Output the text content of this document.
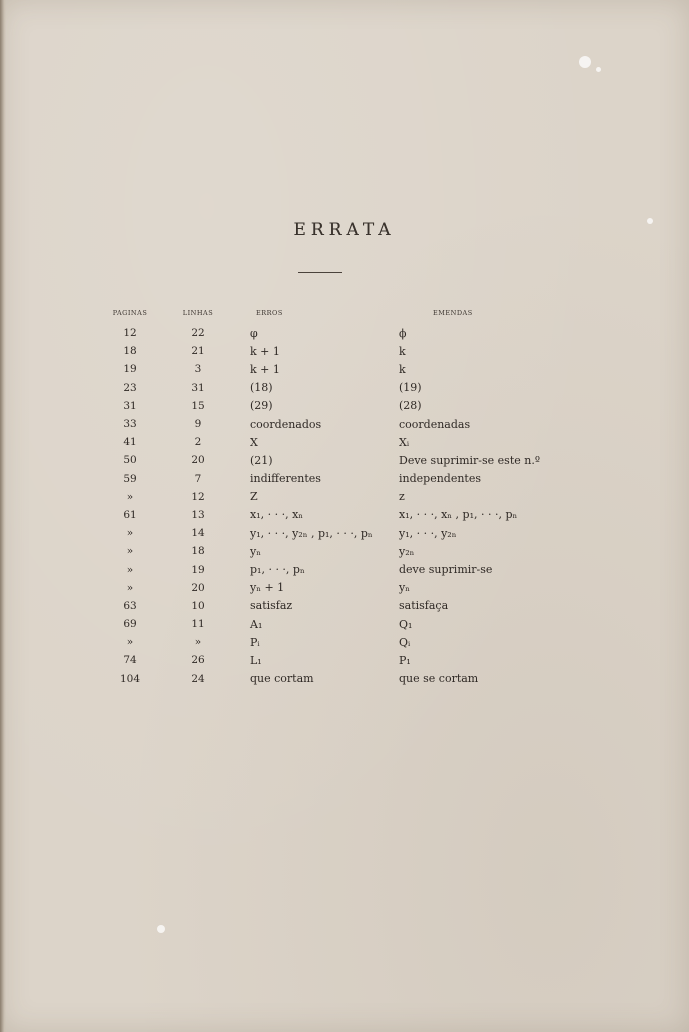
ERRATA
PAGINAS	LINHAS	ERROS	EMENDAS
12	22	φ	ϕ
18	21	k + 1	k
19	3	k + 1	k
23	31	(18)	(19)
31	15	(29)	(28)
33	9	coordenados	coordenadas
41	2	X	Xᵢ
50	20	(21)	Deve suprimir-se este n.º
59	7	indifferentes	independentes
»	12	Z	z
61	13	x₁, · · ·, xₙ	x₁, · · ·, xₙ , p₁, · · ·, pₙ
»	14	y₁, · · ·, y₂ₙ , p₁, · · ·, pₙ	y₁, · · ·, y₂ₙ
»	18	yₙ	y₂ₙ
»	19	p₁, · · ·, pₙ	deve suprimir-se
»	20	yₙ + 1	yₙ
63	10	satisfaz	satisfaça
69	11	A₁	Q₁
»	»	Pᵢ	Qᵢ
74	26	L₁	P₁
104	24	que cortam	que se cortam
